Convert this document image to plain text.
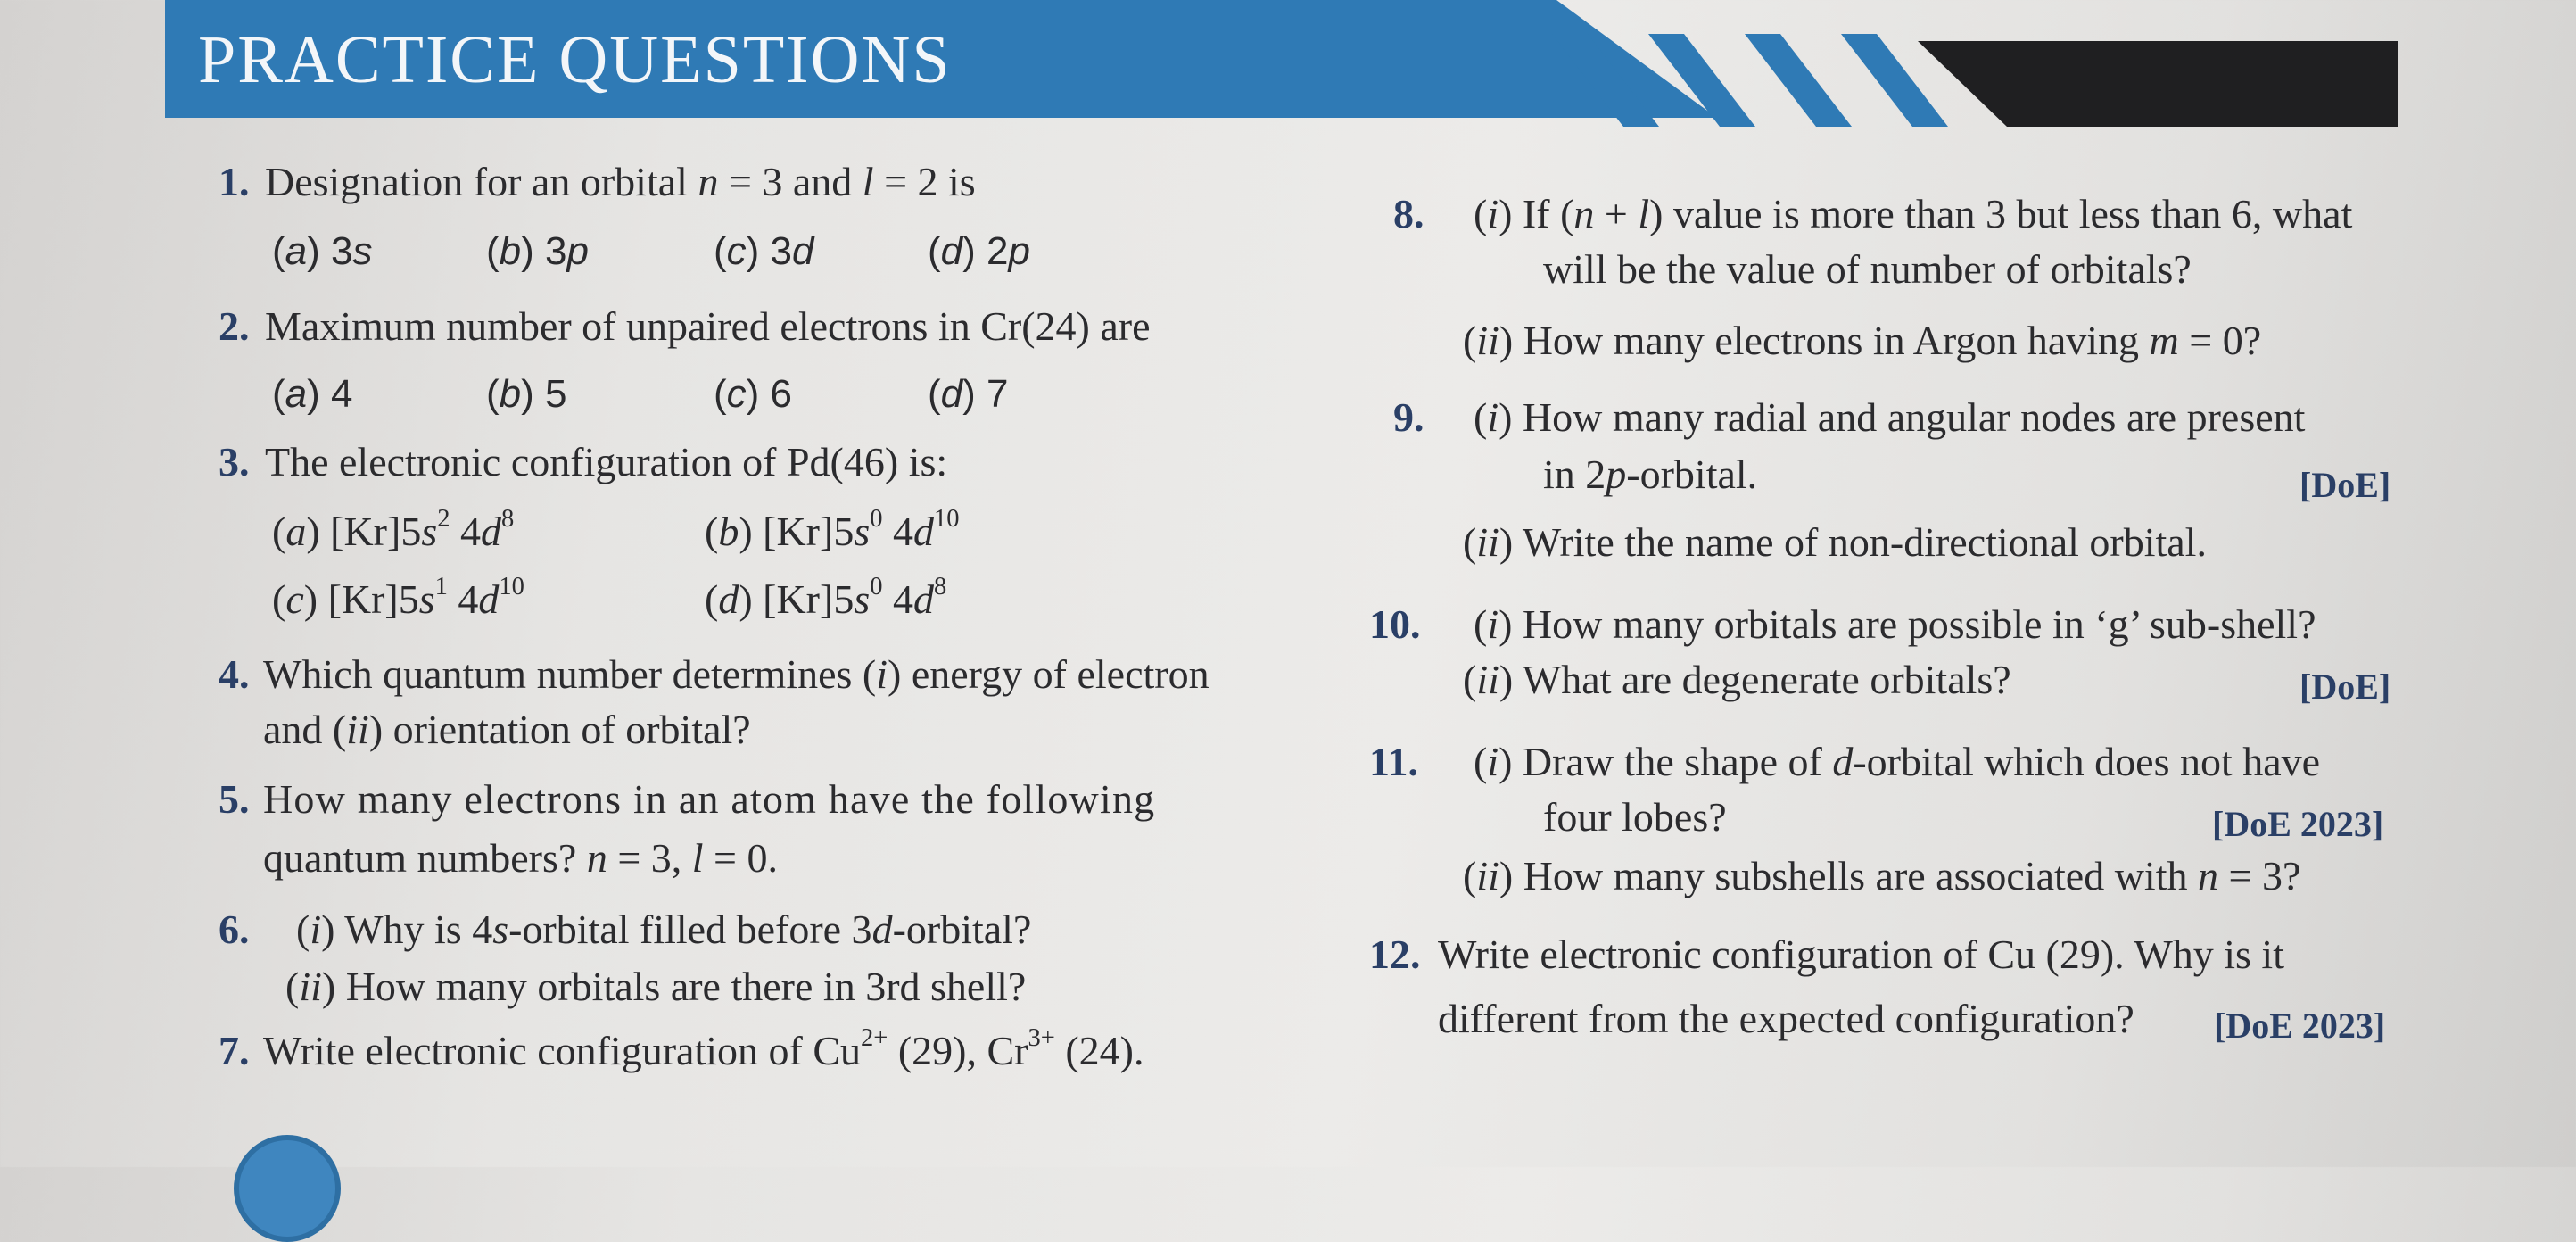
PRACTICE QUESTIONS
1. Designation for an orbital n = 3 and l = 2 is
(a) 3s	(b) 3p	(c) 3d	(d) 2p
2. Maximum number of unpaired electrons in Cr(24) are
(a) 4	(b) 5	(c) 6	(d) 7
3. The electronic configuration of Pd(46) is:
(a) $[Kr]5s^2$ $4d^8$	(b) $[Kr]5s^0$ $4d^{10}$
(c) $[Kr]5s^1$ $4d^{10}$	(d) $[Kr]5s^0$ $4d^8$
4. Which quantum number determines (i) energy of electron
and (ii) orientation of orbital?
5. How many electrons in an atom have the following
quantum numbers? n = 3, l = 0.
6. (i) Why is 4s-orbital filled before 3d-orbital?
(ii) How many orbitals are there in 3rd shell?
7. Write electronic configuration of $Cu^{2+}$ (29), $Cr^{3+}$ (24).
8. (i) If (n + l) value is more than 3 but less than 6, what
will be the value of number of orbitals?
(ii) How many electrons in Argon having m = 0?
9. (i) How many radial and angular nodes are present
in 2p-orbital.	[DoE]
(ii) Write the name of non-directional orbital.
10. (i) How many orbitals are possible in ‘g’ sub-shell?
(ii) What are degenerate orbitals?	[DoE]
11. (i) Draw the shape of d-orbital which does not have
four lobes?	[DoE 2023]
(ii) How many subshells are associated with n = 3?
12. Write electronic configuration of Cu (29). Why is it
different from the expected configuration? [DoE 2023]
